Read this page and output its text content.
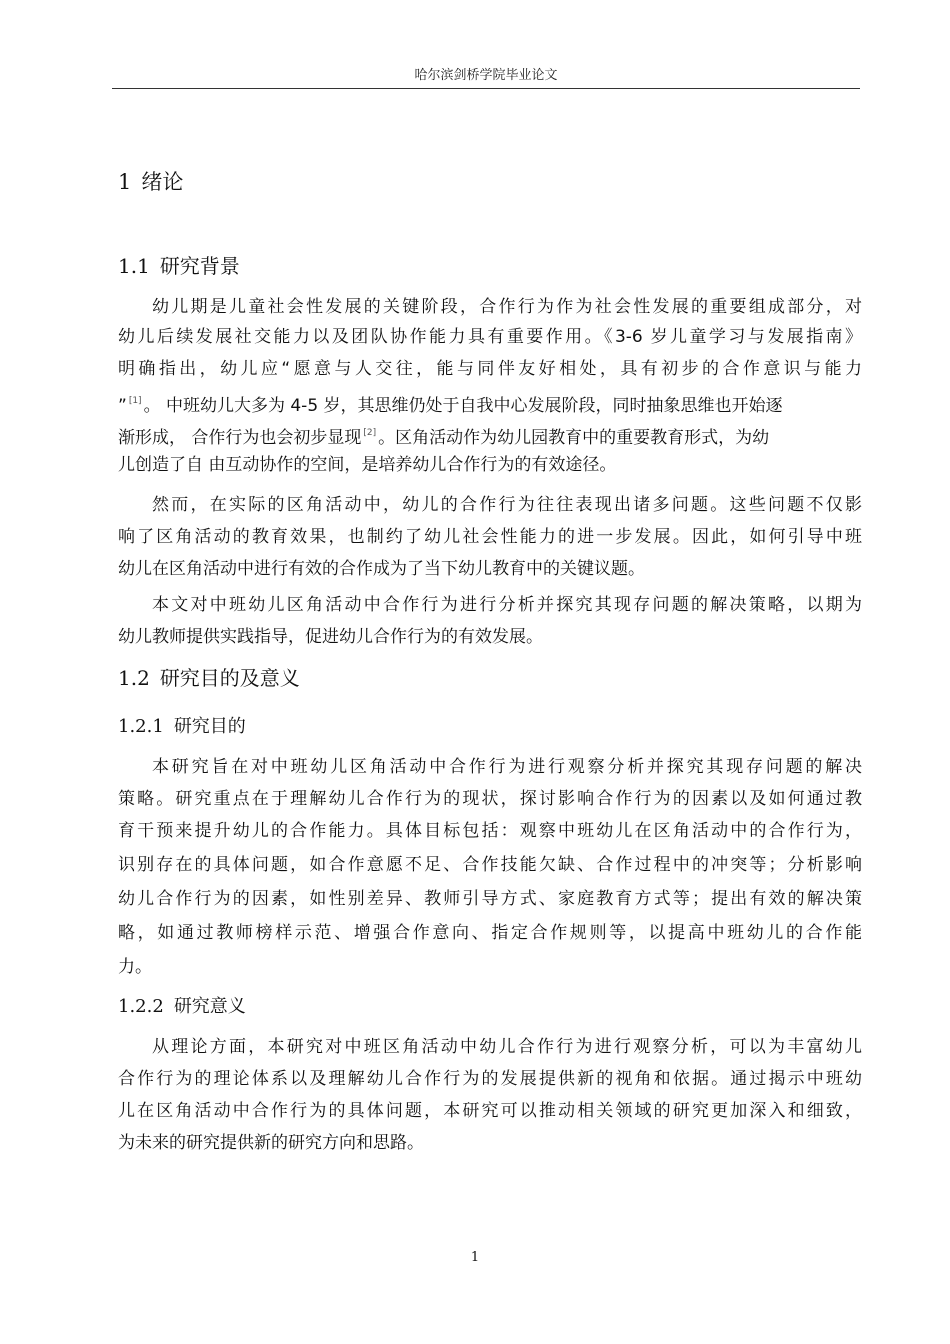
哈尔滨剑桥学院毕业论文
1 绪论
1.1 研究背景
幼儿期是儿童社会性发展的关键阶段，合作行为作为社会性发展的重要组成部分，对
幼儿后续发展社交能力以及团队协作能力具有重要作用。《3-6 岁儿童学习与发展指南》
明确指出，幼儿应“愿意与人交往，能与同伴友好相处，具有初步的合作意识与能力
” [1] 。 中班幼儿大多为 4-5 岁，其思维仍处于自我中心发展阶段，同时抽象思维也开始逐
渐形成， 合作行为也会初步显现 [2] 。区角活动作为幼儿园教育中的重要教育形式，为幼
儿创造了自 由互动协作的空间，是培养幼儿合作行为的有效途径。
然而，在实际的区角活动中，幼儿的合作行为往往表现出诸多问题。这些问题不仅影
响了区角活动的教育效果，也制约了幼儿社会性能力的进一步发展。因此，如何引导中班
幼儿在区角活动中进行有效的合作成为了当下幼儿教育中的关键议题。
本文对中班幼儿区角活动中合作行为进行分析并探究其现存问题的解决策略，以期为
幼儿教师提供实践指导，促进幼儿合作行为的有效发展。
1.2 研究目的及意义
1.2.1 研究目的
本研究旨在对中班幼儿区角活动中合作行为进行观察分析并探究其现存问题的解决
策略。研究重点在于理解幼儿合作行为的现状，探讨影响合作行为的因素以及如何通过教
育干预来提升幼儿的合作能力。具体目标包括：观察中班幼儿在区角活动中的合作行为，
识别存在的具体问题，如合作意愿不足、合作技能欠缺、合作过程中的冲突等；分析影响
幼儿合作行为的因素，如性别差异、教师引导方式、家庭教育方式等；提出有效的解决策
略，如通过教师榜样示范、增强合作意向、指定合作规则等，以提高中班幼儿的合作能
力。
1.2.2 研究意义
从理论方面，本研究对中班区角活动中幼儿合作行为进行观察分析，可以为丰富幼儿
合作行为的理论体系以及理解幼儿合作行为的发展提供新的视角和依据。通过揭示中班幼
儿在区角活动中合作行为的具体问题，本研究可以推动相关领域的研究更加深入和细致，
为未来的研究提供新的研究方向和思路。
1
